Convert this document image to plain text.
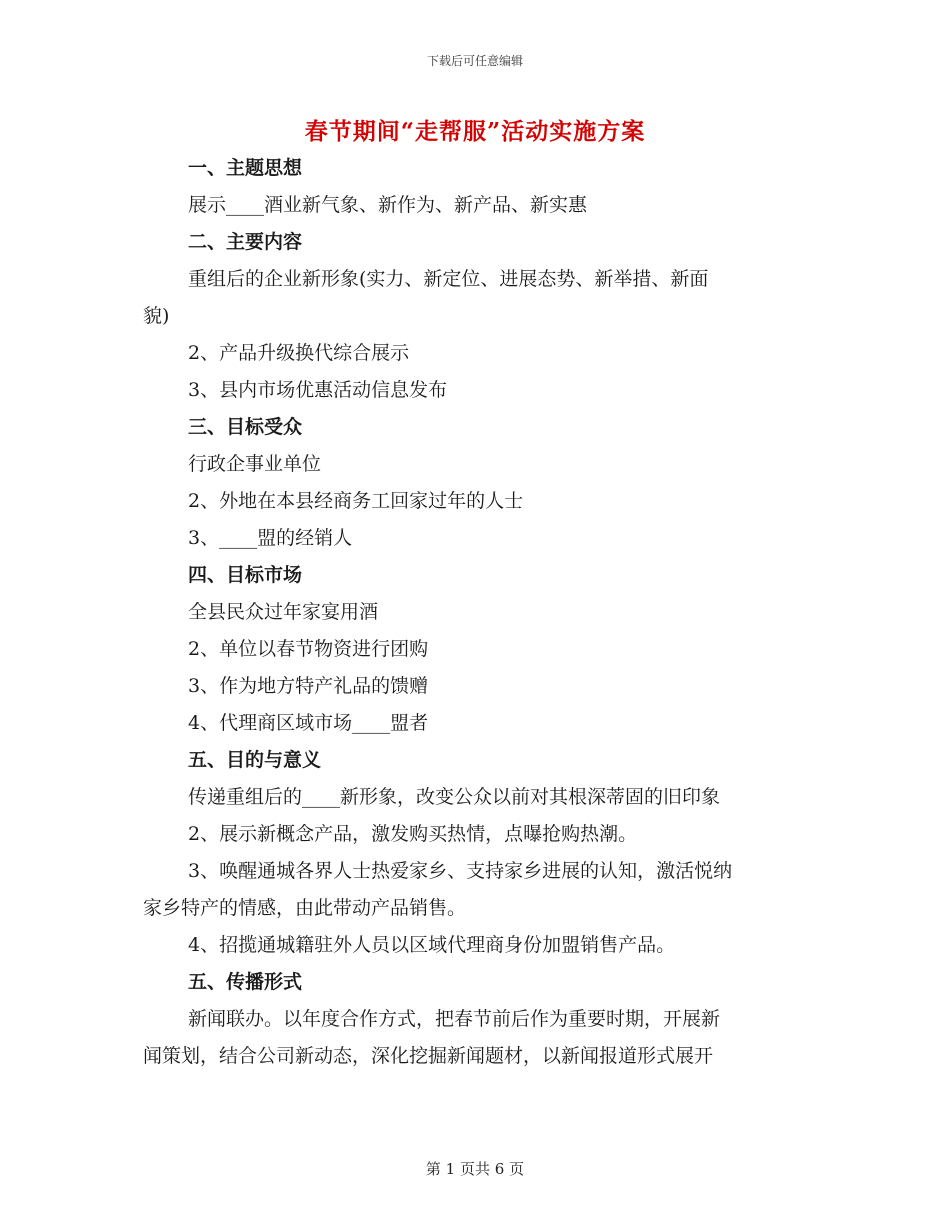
下载后可任意编辑
春节期间“走帮服”活动实施方案
一、主题思想
展示____酒业新气象、新作为、新产品、新实惠
二、主要内容
重组后的企业新形象(实力、新定位、进展态势、新举措、新面
貌)
2、产品升级换代综合展示
3、县内市场优惠活动信息发布
三、目标受众
行政企事业单位
2、外地在本县经商务工回家过年的人士
3、____盟的经销人
四、目标市场
全县民众过年家宴用酒
2、单位以春节物资进行团购
3、作为地方特产礼品的馈赠
4、代理商区域市场____盟者
五、目的与意义
传递重组后的____新形象，改变公众以前对其根深蒂固的旧印象
2、展示新概念产品，激发购买热情，点曝抢购热潮。
3、唤醒通城各界人士热爱家乡、支持家乡进展的认知，激活悦纳
家乡特产的情感，由此带动产品销售。
4、招揽通城籍驻外人员以区域代理商身份加盟销售产品。
五、传播形式
新闻联办。以年度合作方式，把春节前后作为重要时期，开展新
闻策划，结合公司新动态，深化挖掘新闻题材，以新闻报道形式展开
第 1 页共 6 页
